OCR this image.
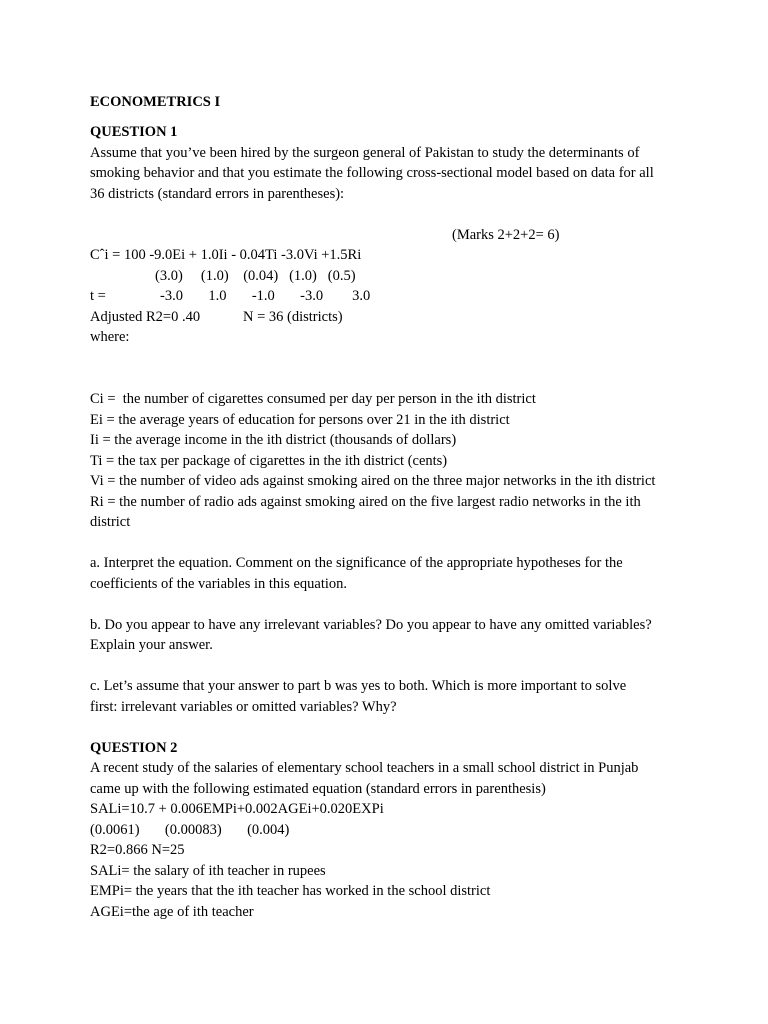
ECONOMETRICS I
QUESTION 1
Assume that you’ve been hired by the surgeon general of Pakistan to study the determinants of
smoking behavior and that you estimate the following cross-sectional model based on data for all
36 districts (standard errors in parentheses):
(Marks 2+2+2= 6)
Cˆi = 100 -9.0Ei + 1.0Ii - 0.04Ti -3.0Vi +1.5Ri
(3.0)     (1.0)    (0.04)   (1.0)   (0.5)
t =	-3.0       1.0       -1.0       -3.0        3.0
Adjusted R2=0 .40	N = 36 (districts)
where:
Ci =  the number of cigarettes consumed per day per person in the ith district
Ei = the average years of education for persons over 21 in the ith district
Ii = the average income in the ith district (thousands of dollars)
Ti = the tax per package of cigarettes in the ith district (cents)
Vi = the number of video ads against smoking aired on the three major networks in the ith district
Ri = the number of radio ads against smoking aired on the five largest radio networks in the ith
district
a. Interpret the equation. Comment on the significance of the appropriate hypotheses for the
coefficients of the variables in this equation.
b. Do you appear to have any irrelevant variables? Do you appear to have any omitted variables?
Explain your answer.
c. Let’s assume that your answer to part b was yes to both. Which is more important to solve
first: irrelevant variables or omitted variables? Why?
QUESTION 2
A recent study of the salaries of elementary school teachers in a small school district in Punjab
came up with the following estimated equation (standard errors in parenthesis)
SALi=10.7 + 0.006EMPi+0.002AGEi+0.020EXPi
(0.0061)       (0.00083)       (0.004)
R2=0.866 N=25
SALi= the salary of ith teacher in rupees
EMPi= the years that the ith teacher has worked in the school district
AGEi=the age of ith teacher
